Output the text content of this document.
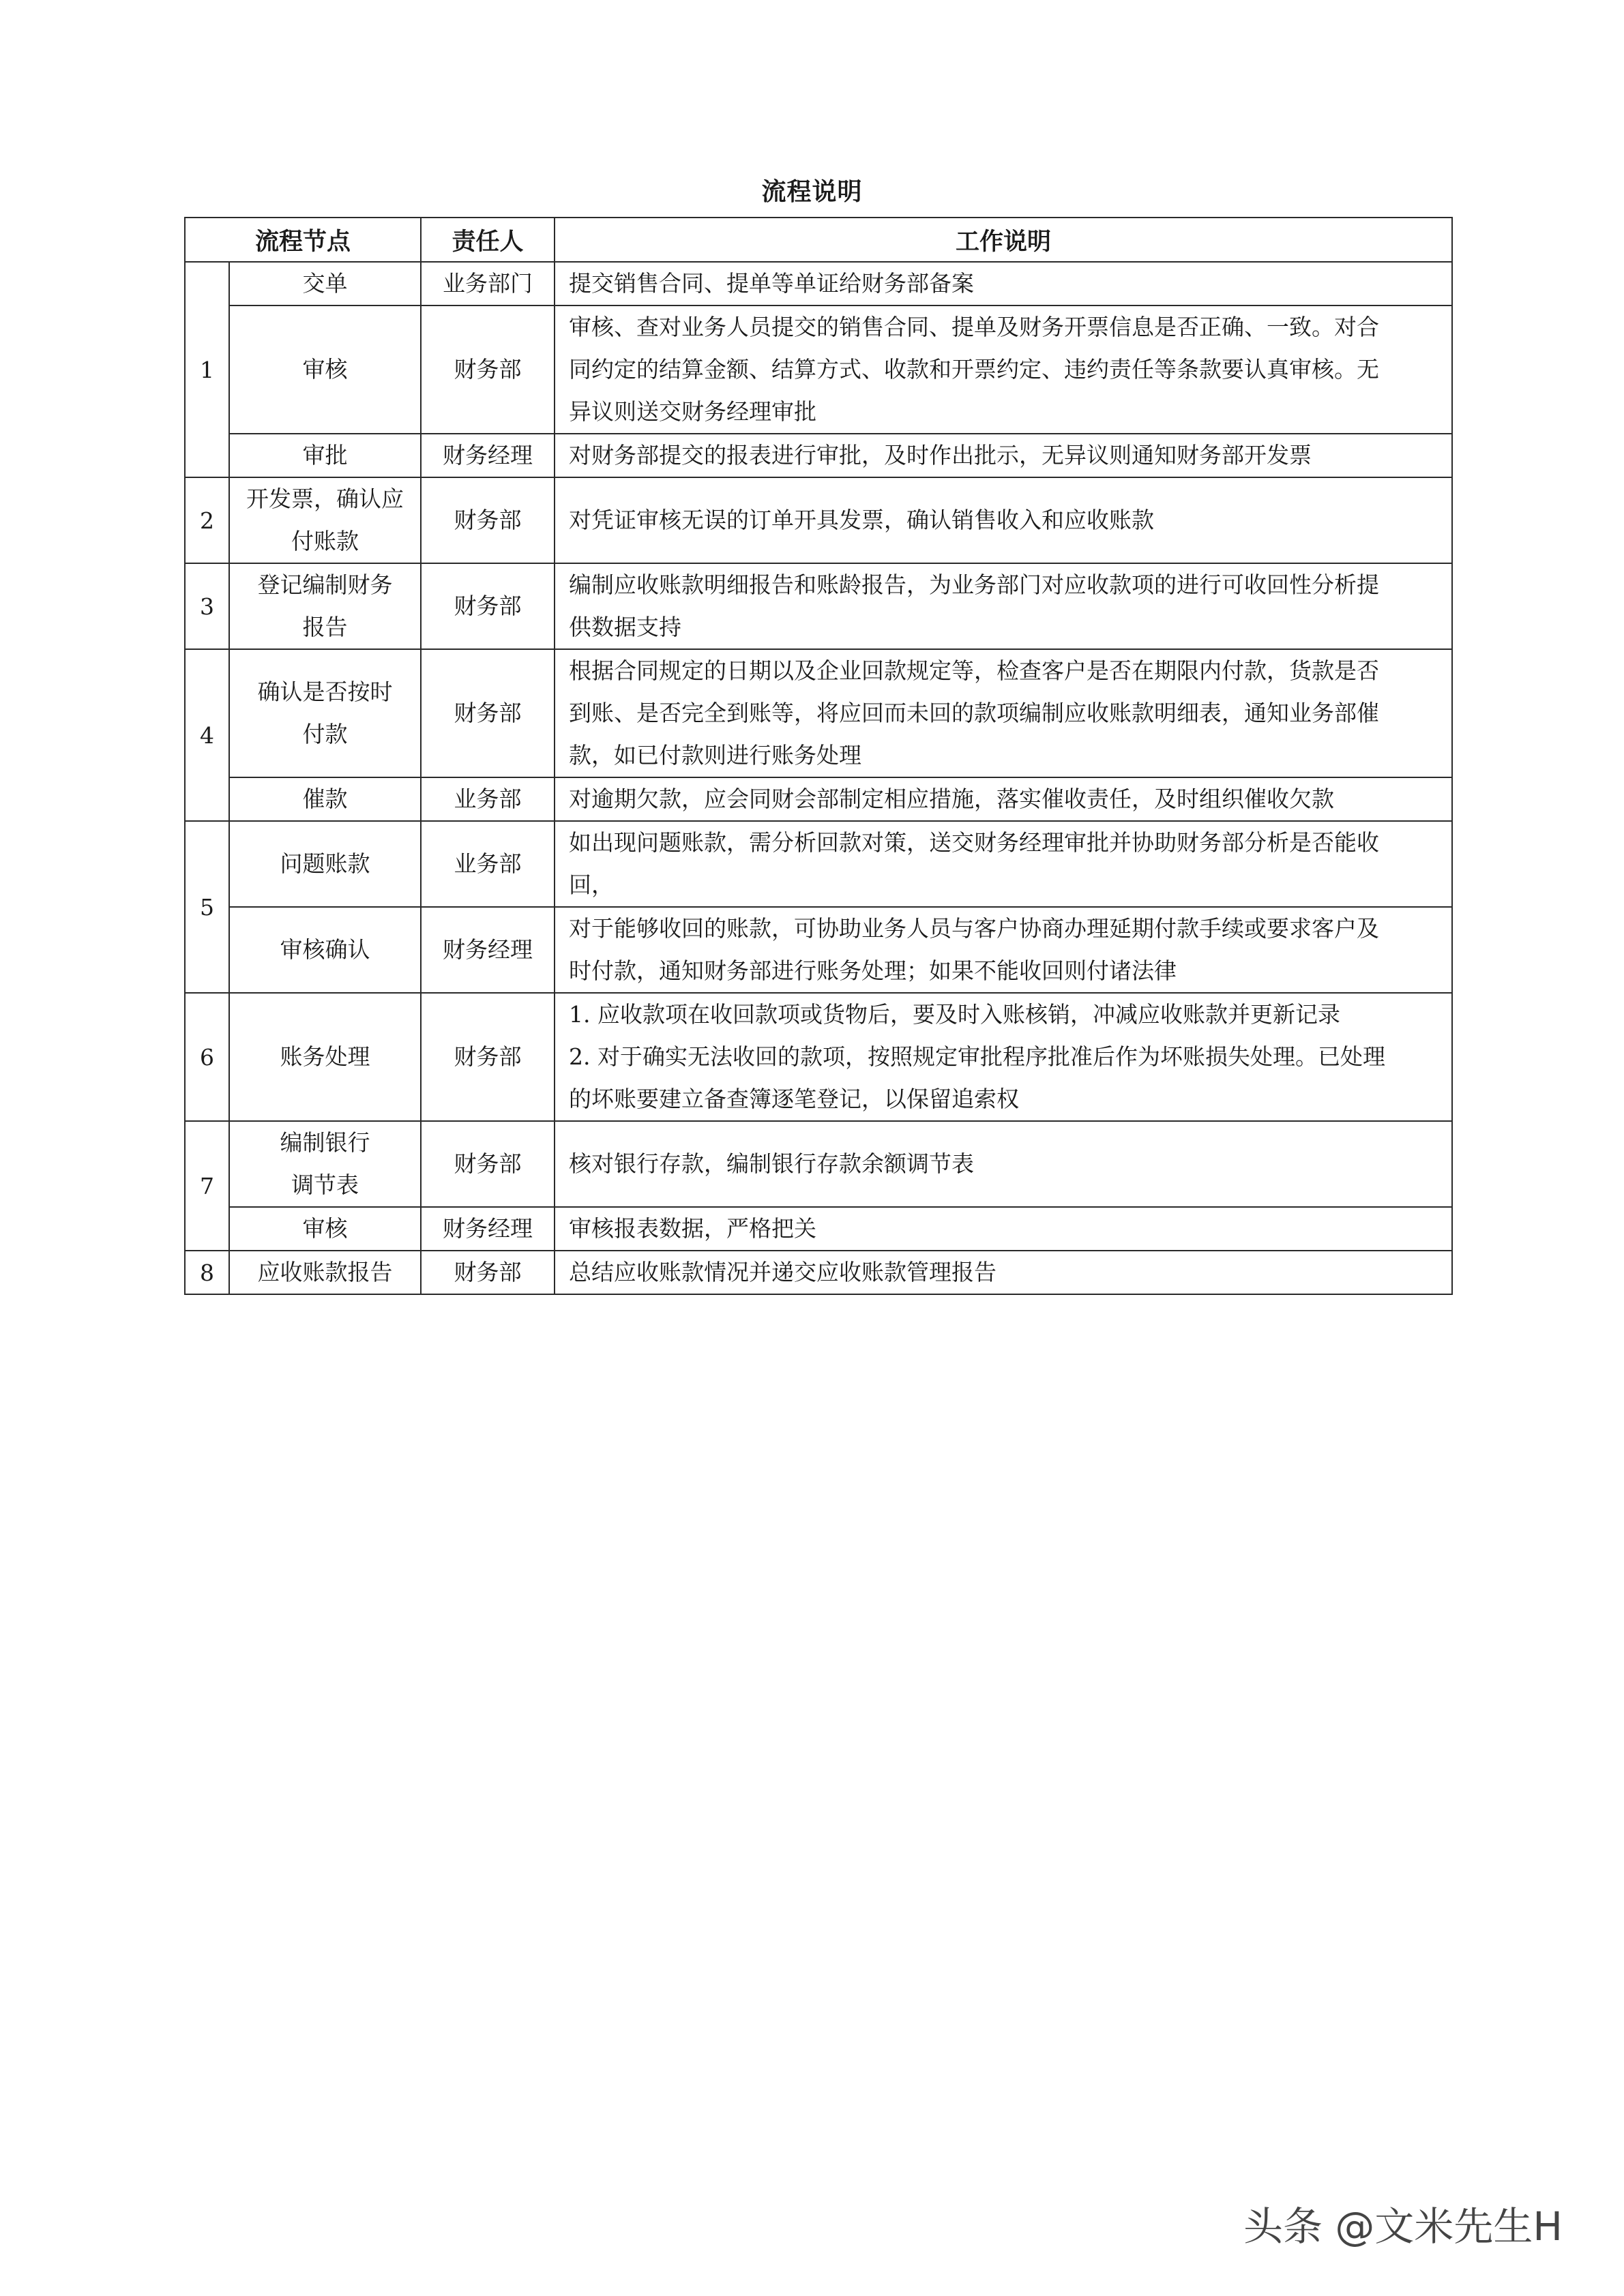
流程说明
流程节点		责任人	工作说明
1	交单	业务部门	提交销售合同、提单等单证给财务部备案

	审核	财务部	审核、查对业务人员提交的销售合同、提单及财务开票信息是否正确、一致。对合
同约定的结算金额、结算方式、收款和开票约定、违约责任等条款要认真审核。无
异议则送交财务经理审批

	审批	财务经理	对财务部提交的报表进行审批，及时作出批示，无异议则通知财务部开发票

2	开发票，确认应
付账款	财务部	对凭证审核无误的订单开具发票，确认销售收入和应收账款

3	登记编制财务
报告	财务部	编制应收账款明细报告和账龄报告，为业务部门对应收款项的进行可收回性分析提
供数据支持

4	确认是否按时
付款	财务部	根据合同规定的日期以及企业回款规定等，检查客户是否在期限内付款，货款是否
到账、是否完全到账等，将应回而未回的款项编制应收账款明细表，通知业务部催
款，如已付款则进行账务处理

	催款	业务部	对逾期欠款，应会同财会部制定相应措施，落实催收责任，及时组织催收欠款

5	问题账款	业务部	如出现问题账款，需分析回款对策，送交财务经理审批并协助财务部分析是否能收
回，

	审核确认	财务经理	对于能够收回的账款，可协助业务人员与客户协商办理延期付款手续或要求客户及
时付款，通知财务部进行账务处理；如果不能收回则付诸法律

6	账务处理	财务部	1. 应收款项在收回款项或货物后，要及时入账核销，冲减应收账款并更新记录
2. 对于确实无法收回的款项，按照规定审批程序批准后作为坏账损失处理。已处理
的坏账要建立备查簿逐笔登记，以保留追索权

7	编制银行
调节表	财务部	核对银行存款，编制银行存款余额调节表

	审核	财务经理	审核报表数据，严格把关

8	应收账款报告	财务部	总结应收账款情况并递交应收账款管理报告
头条 @文米先生H
